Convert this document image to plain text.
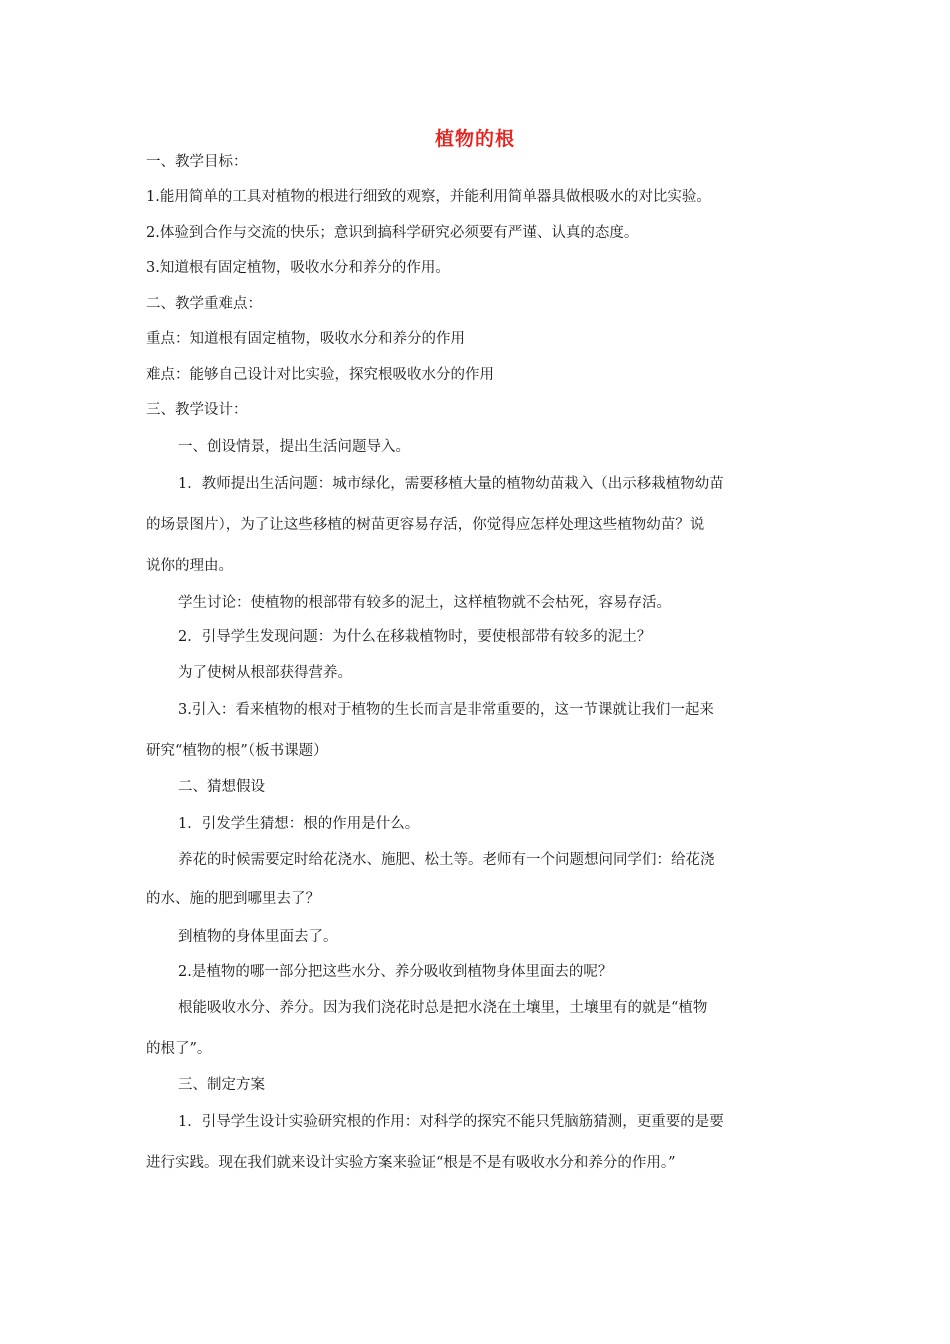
植物的根
一、教学目标：
1.能用简单的工具对植物的根进行细致的观察，并能利用简单器具做根吸水的对比实验。
2.体验到合作与交流的快乐；意识到搞科学研究必须要有严谨、认真的态度。
3.知道根有固定植物，吸收水分和养分的作用。
二、教学重难点：
重点：知道根有固定植物，吸收水分和养分的作用
难点：能够自己设计对比实验，探究根吸收水分的作用
三、教学设计：
一、创设情景，提出生活问题导入。
1．教师提出生活问题：城市绿化，需要移植大量的植物幼苗栽入（出示移栽植物幼苗
的场景图片），为了让这些移植的树苗更容易存活，你觉得应怎样处理这些植物幼苗？说
说你的理由。
学生讨论：使植物的根部带有较多的泥土，这样植物就不会枯死，容易存活。
2．引导学生发现问题：为什么在移栽植物时，要使根部带有较多的泥土？
为了使树从根部获得营养。
3.引入：看来植物的根对于植物的生长而言是非常重要的，这一节课就让我们一起来
研究“植物的根”（板书课题）
二、猜想假设
1．引发学生猜想：根的作用是什么。
养花的时候需要定时给花浇水、施肥、松土等。老师有一个问题想问同学们：给花浇
的水、施的肥到哪里去了？
到植物的身体里面去了。
2.是植物的哪一部分把这些水分、养分吸收到植物身体里面去的呢？
根能吸收水分、养分。因为我们浇花时总是把水浇在土壤里，土壤里有的就是“植物
的根了”。
三、制定方案
1．引导学生设计实验研究根的作用：对科学的探究不能只凭脑筋猜测，更重要的是要
进行实践。现在我们就来设计实验方案来验证“根是不是有吸收水分和养分的作用。”
